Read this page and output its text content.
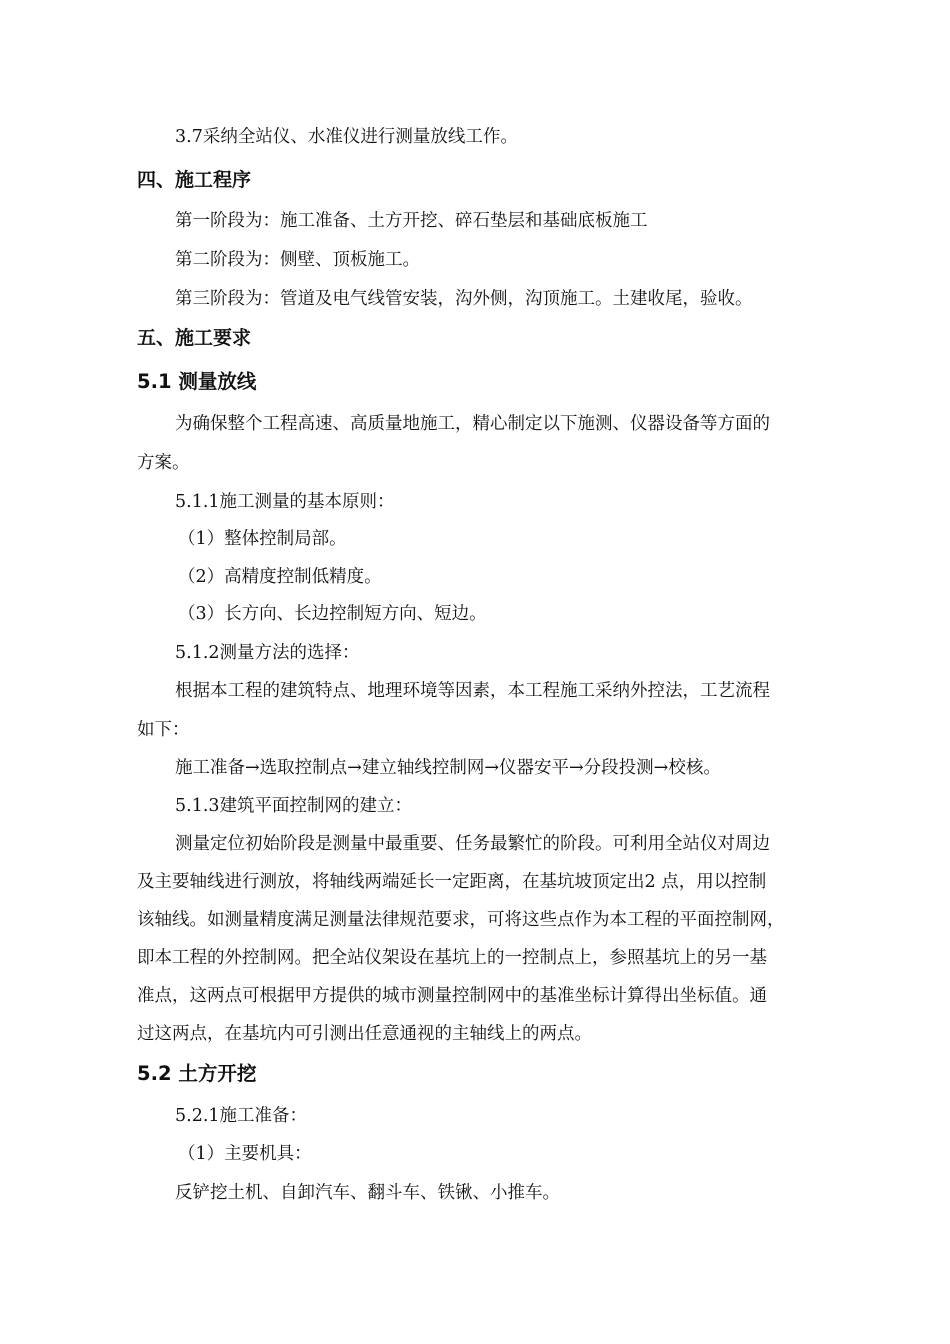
3.7采纳全站仪、水准仪进行测量放线工作。
四、施工程序
第一阶段为：施工准备、土方开挖、碎石垫层和基础底板施工
第二阶段为：侧壁、顶板施工。
第三阶段为：管道及电气线管安装，沟外侧，沟顶施工。土建收尾，验收。
五、施工要求
5.1 测量放线
为确保整个工程高速、高质量地施工，精心制定以下施测、仪器设备等方面的
方案。
5.1.1施工测量的基本原则：
（1）整体控制局部。
（2）高精度控制低精度。
（3）长方向、长边控制短方向、短边。
5.1.2测量方法的选择：
根据本工程的建筑特点、地理环境等因素，本工程施工采纳外控法，工艺流程
如下：
施工准备→选取控制点→建立轴线控制网→仪器安平→分段投测→校核。
5.1.3建筑平面控制网的建立：
测量定位初始阶段是测量中最重要、任务最繁忙的阶段。可利用全站仪对周边
及主要轴线进行测放，将轴线两端延长一定距离，在基坑坡顶定出2 点，用以控制
该轴线。如测量精度满足测量法律规范要求，可将这些点作为本工程的平面控制网，
即本工程的外控制网。把全站仪架设在基坑上的一控制点上，参照基坑上的另一基
准点，这两点可根据甲方提供的城市测量控制网中的基准坐标计算得出坐标值。通
过这两点，在基坑内可引测出任意通视的主轴线上的两点。
5.2 土方开挖
5.2.1施工准备：
（1）主要机具：
反铲挖土机、自卸汽车、翻斗车、铁锹、小推车。
